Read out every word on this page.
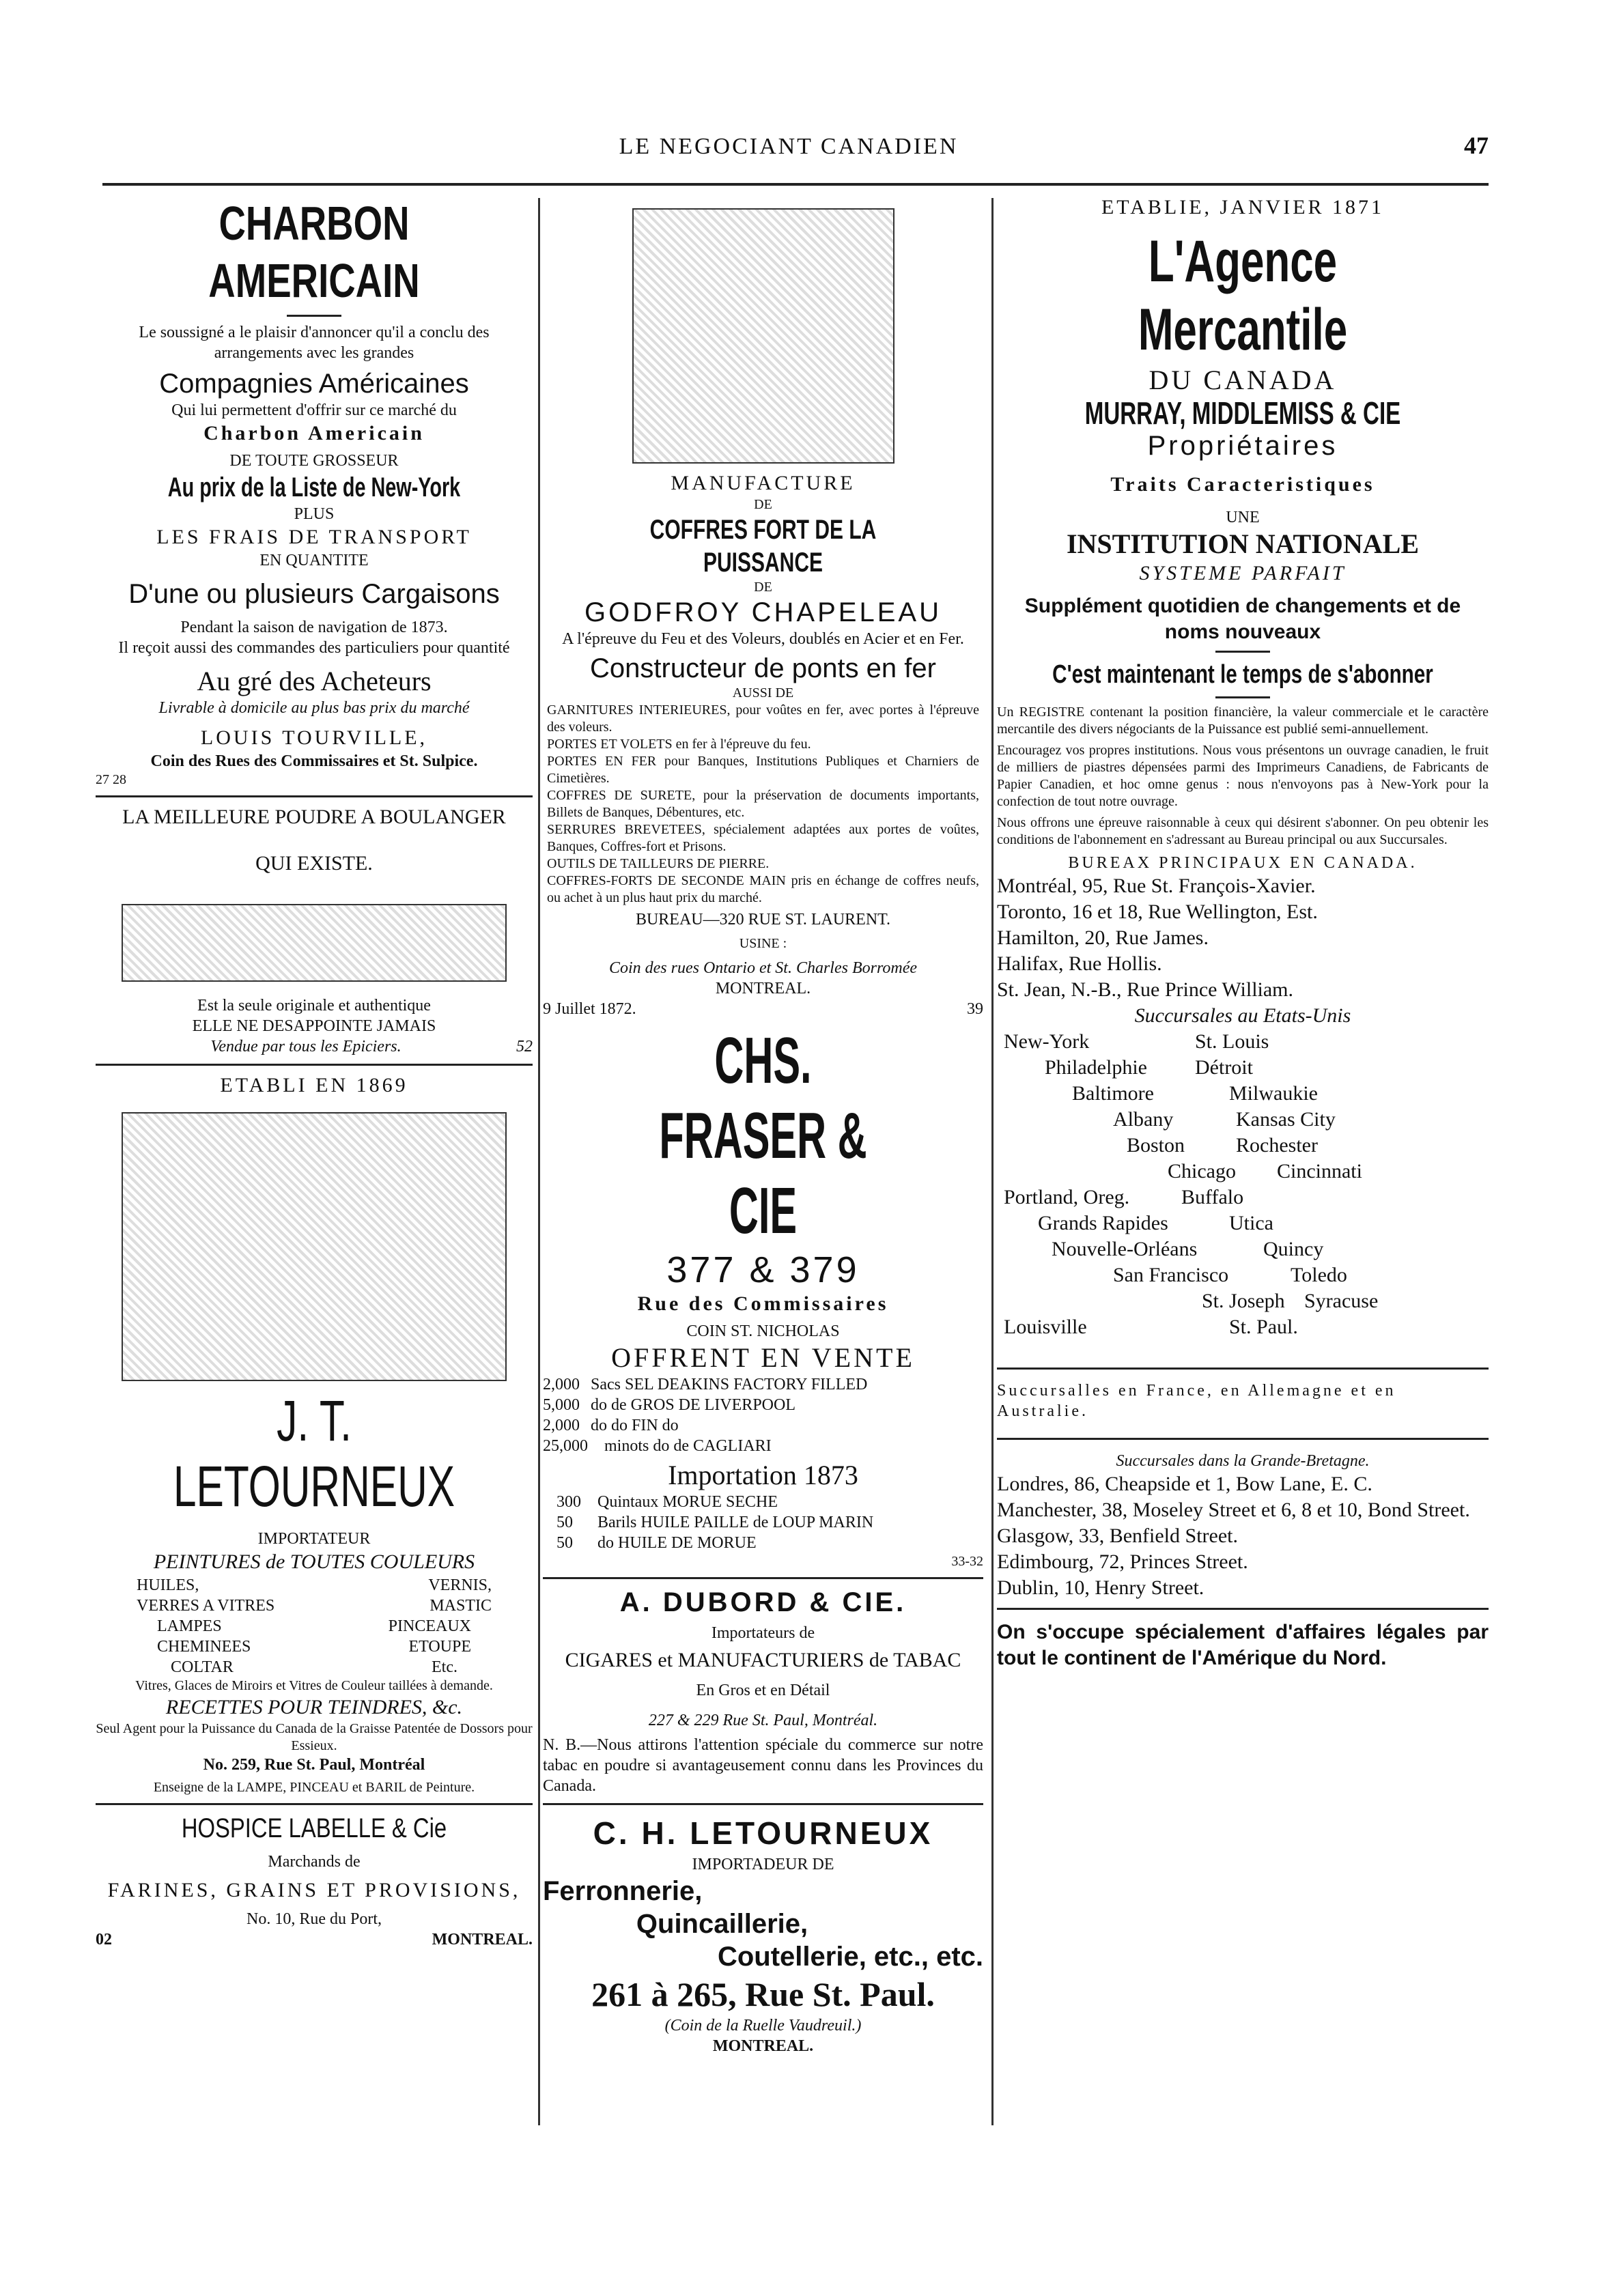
LE NEGOCIANT CANADIEN	47

CHARBON AMERICAIN

Le soussigné a le plaisir d'annoncer qu'il a conclu des arrangements avec les grandes

Compagnies Américaines

Qui lui permettent d'offrir sur ce marché du

Charbon Americain

DE TOUTE GROSSEUR

Au prix de la Liste de New-York

PLUS

LES FRAIS DE TRANSPORT

EN QUANTITE

D'une ou plusieurs Cargaisons

Pendant la saison de navigation de 1873.

Il reçoit aussi des commandes des particuliers pour quantité

Au gré des Acheteurs

Livrable à domicile au plus bas prix du marché

LOUIS TOURVILLE,

Coin des Rues des Commissaires et St. Sulpice.

27 28

LA MEILLEURE POUDRE A BOULANGER

QUI EXISTE.

Est la seule originale et authentique

ELLE NE DESAPPOINTE JAMAIS

Vendue par tous les Epiciers.	52

ETABLI EN 1869

J. T. LETOURNEUX

IMPORTATEUR

PEINTURES de TOUTES COULEURS

HUILES,	VERNIS,
VERRES A VITRES	MASTIC
LAMPES	PINCEAUX
CHEMINEES	ETOUPE
COLTAR	Etc.

Vitres, Glaces de Miroirs et Vitres de Couleur taillées à demande.

RECETTES POUR TEINDRES, &c.

Seul Agent pour la Puissance du Canada de la Graisse Patentée de Dossors pour Essieux.

No. 259, Rue St. Paul, Montréal

Enseigne de la LAMPE, PINCEAU et BARIL de Peinture.

HOSPICE LABELLE & Cie

Marchands de

FARINES, GRAINS ET PROVISIONS,

No. 10, Rue du Port,

02	MONTREAL.

MANUFACTURE

DE

COFFRES FORT DE LA PUISSANCE

DE

GODFROY CHAPELEAU

A l'épreuve du Feu et des Voleurs, doublés en Acier et en Fer.

Constructeur de ponts en fer

AUSSI DE

GARNITURES INTERIEURES, pour voûtes en fer, avec portes à l'épreuve des voleurs.

PORTES ET VOLETS en fer à l'épreuve du feu.

PORTES EN FER pour Banques, Institutions Publiques et Charniers de Cimetières.

COFFRES DE SURETE, pour la préservation de documents importants, Billets de Banques, Débentures, etc.

SERRURES BREVETEES, spécialement adaptées aux portes de voûtes, Banques, Coffres-fort et Prisons.

OUTILS DE TAILLEURS DE PIERRE.

COFFRES-FORTS DE SECONDE MAIN pris en échange de coffres neufs, ou achet à un plus haut prix du marché.

BUREAU—320 RUE ST. LAURENT.

USINE :

Coin des rues Ontario et St. Charles Borromée

MONTREAL.

9 Juillet 1872.	39

CHS. FRASER & CIE

377 & 379

Rue des Commissaires

COIN ST. NICHOLAS

OFFRENT EN VENTE

2,000 Sacs SEL DEAKINS FACTORY FILLED
5,000 do de GROS DE LIVERPOOL
2,000 do do FIN do
25,000	minots do de CAGLIARI

Importation 1873

300	Quintaux MORUE SECHE
50	Barils HUILE PAILLE de LOUP MARIN
50	do HUILE DE MORUE

33-32

A. DUBORD & CIE.

Importateurs de

CIGARES et MANUFACTURIERS de TABAC

En Gros et en Détail

227 & 229 Rue St. Paul, Montréal.

N. B.—Nous attirons l'attention spéciale du commerce sur notre tabac en poudre si avantageusement connu dans les Provinces du Canada.

C. H. LETOURNEUX

IMPORTADEUR DE

Ferronnerie,

Quincaillerie,

Coutellerie, etc., etc.

261 à 265, Rue St. Paul.

(Coin de la Ruelle Vaudreuil.)

MONTREAL.

ETABLIE, JANVIER 1871

L'Agence Mercantile

DU CANADA

MURRAY, MIDDLEMISS & CIE

Propriétaires

Traits Caracteristiques

UNE

INSTITUTION NATIONALE

SYSTEME PARFAIT

Supplément quotidien de changements et de noms nouveaux

C'est maintenant le temps de s'abonner

Un REGISTRE contenant la position financière, la valeur commerciale et le caractère mercantile des divers négociants de la Puissance est publié semi-annuellement.

Encouragez vos propres institutions. Nous vous présentons un ouvrage canadien, le fruit de milliers de piastres dépensées parmi des Imprimeurs Canadiens, de Fabricants de Papier Canadien, et hoc omne genus : nous n'envoyons pas à New-York pour la confection de tout notre ouvrage.

Nous offrons une épreuve raisonnable à ceux qui désirent s'abonner. On peu obtenir les conditions de l'abonnement en s'adressant au Bureau principal ou aux Succursales.

BUREAX PRINCIPAUX EN CANADA.

Montréal, 95, Rue St. François-Xavier.

Toronto, 16 et 18, Rue Wellington, Est.

Hamilton, 20, Rue James.

Halifax, Rue Hollis.

St. Jean, N.-B., Rue Prince William.

Succursales au Etats-Unis

New-York	St. Louis
Philadelphie	Détroit
Baltimore	Milwaukie
Albany	Kansas City
Boston	Rochester
Chicago	Cincinnati
Portland, Oreg.	Buffalo
Grands Rapides	Utica
Nouvelle-Orléans	Quincy
San Francisco	Toledo
St. Joseph Syracuse
Louisville	St. Paul.

Succursalles en France, en Allemagne et en Australie.

Succursales dans la Grande-Bretagne.

Londres, 86, Cheapside et 1, Bow Lane, E. C.

Manchester, 38, Moseley Street et 6, 8 et 10, Bond Street.

Glasgow, 33, Benfield Street.

Edimbourg, 72, Princes Street.

Dublin, 10, Henry Street.

On s'occupe spécialement d'affaires légales par tout le continent de l'Amérique du Nord.
